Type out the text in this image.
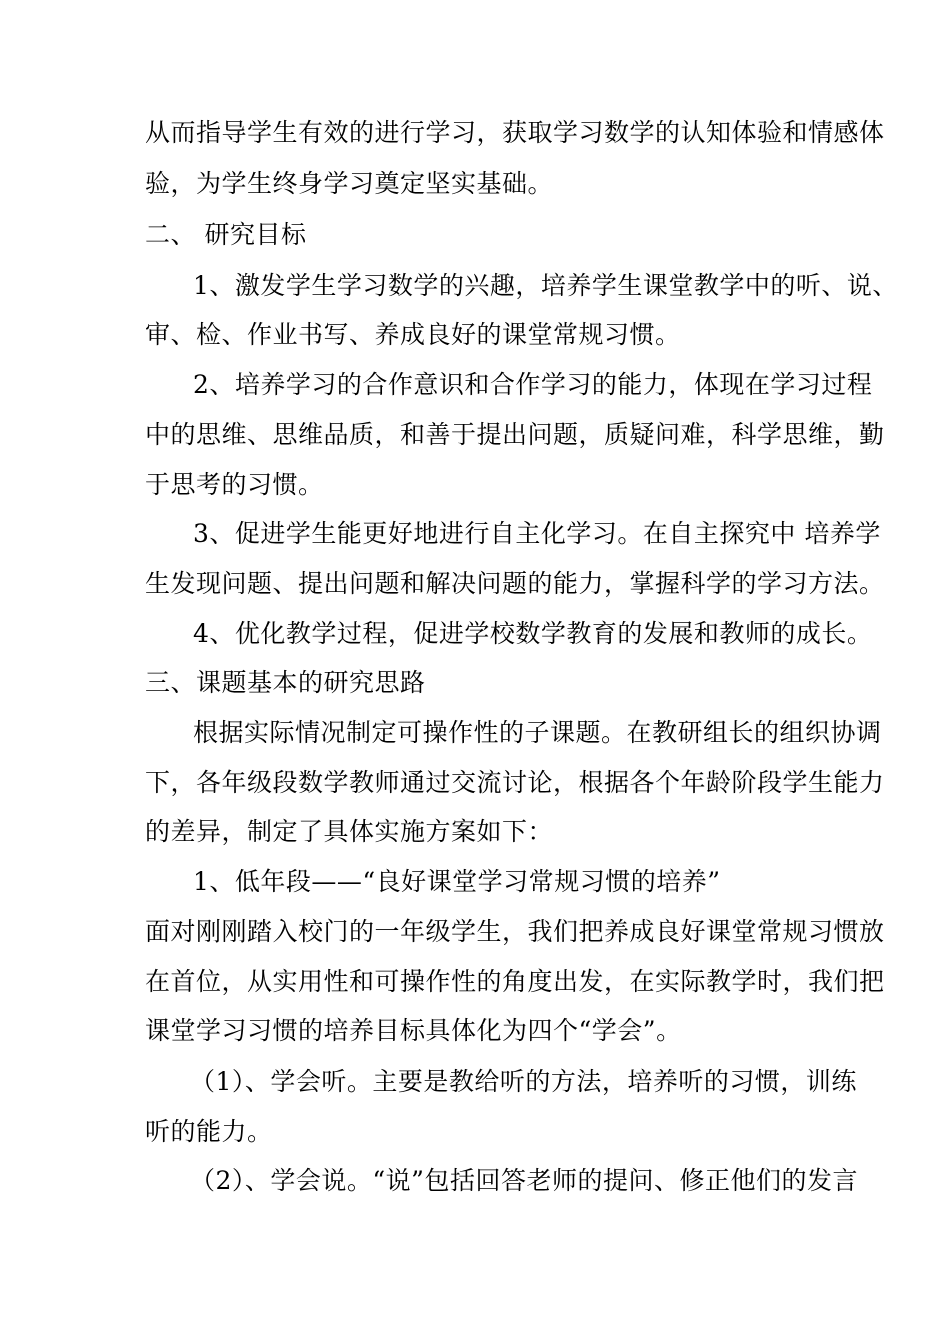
从而指导学生有效的进行学习，获取学习数学的认知体验和情感体
验，为学生终身学习奠定坚实基础。
二、 研究目标
1、激发学生学习数学的兴趣，培养学生课堂教学中的听、说、
审、检、作业书写、养成良好的课堂常规习惯。
2、培养学习的合作意识和合作学习的能力，体现在学习过程
中的思维、思维品质，和善于提出问题，质疑问难，科学思维，勤
于思考的习惯。
3、促进学生能更好地进行自主化学习。在自主探究中 培养学
生发现问题、提出问题和解决问题的能力，掌握科学的学习方法。
4、优化教学过程，促进学校数学教育的发展和教师的成长。
三、课题基本的研究思路
根据实际情况制定可操作性的子课题。在教研组长的组织协调
下，各年级段数学教师通过交流讨论，根据各个年龄阶段学生能力
的差异，制定了具体实施方案如下：
1、低年段——“良好课堂学习常规习惯的培养”
面对刚刚踏入校门的一年级学生，我们把养成良好课堂常规习惯放
在首位，从实用性和可操作性的角度出发，在实际教学时，我们把
课堂学习习惯的培养目标具体化为四个“学会”。
（1）、学会听。主要是教给听的方法，培养听的习惯，训练
听的能力。
（2）、学会说。“说”包括回答老师的提问、修正他们的发言
